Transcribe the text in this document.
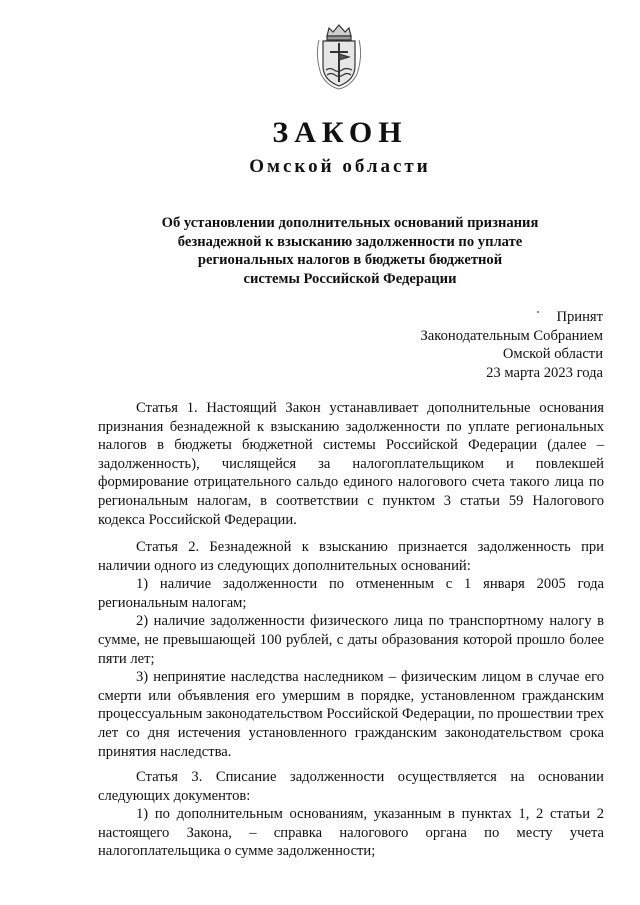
ЗАКОН
Омской области
Об установлении дополнительных оснований признания
безнадежной к взысканию задолженности по уплате
региональных налогов в бюджеты бюджетной
системы Российской Федерации
Принят
Законодательным Собранием
Омской области
23 марта 2023 года

Статья 1. Настоящий Закон устанавливает дополнительные основания признания безнадежной к взысканию задолженности по уплате региональных налогов в бюджеты бюджетной системы Российской Федерации (далее – задолженность), числящейся за налогоплательщиком и повлекшей формирование отрицательного сальдо единого налогового счета такого лица по региональным налогам, в соответствии с пунктом 3 статьи 59 Налогового кодекса Российской Федерации.

Статья 2. Безнадежной к взысканию признается задолженность при наличии одного из следующих дополнительных оснований:

1) наличие задолженности по отмененным с 1 января 2005 года региональным налогам;

2) наличие задолженности физического лица по транспортному налогу в сумме, не превышающей 100 рублей, с даты образования которой прошло более пяти лет;

3) непринятие наследства наследником – физическим лицом в случае его смерти или объявления его умершим в порядке, установленном гражданским процессуальным законодательством Российской Федерации, по прошествии трех лет со дня истечения установленного гражданским законодательством срока принятия наследства.

Статья 3. Списание задолженности осуществляется на основании следующих документов:

1) по дополнительным основаниям, указанным в пунктах 1, 2 статьи 2 настоящего Закона, – справка налогового органа по месту учета налогоплательщика о сумме задолженности;
